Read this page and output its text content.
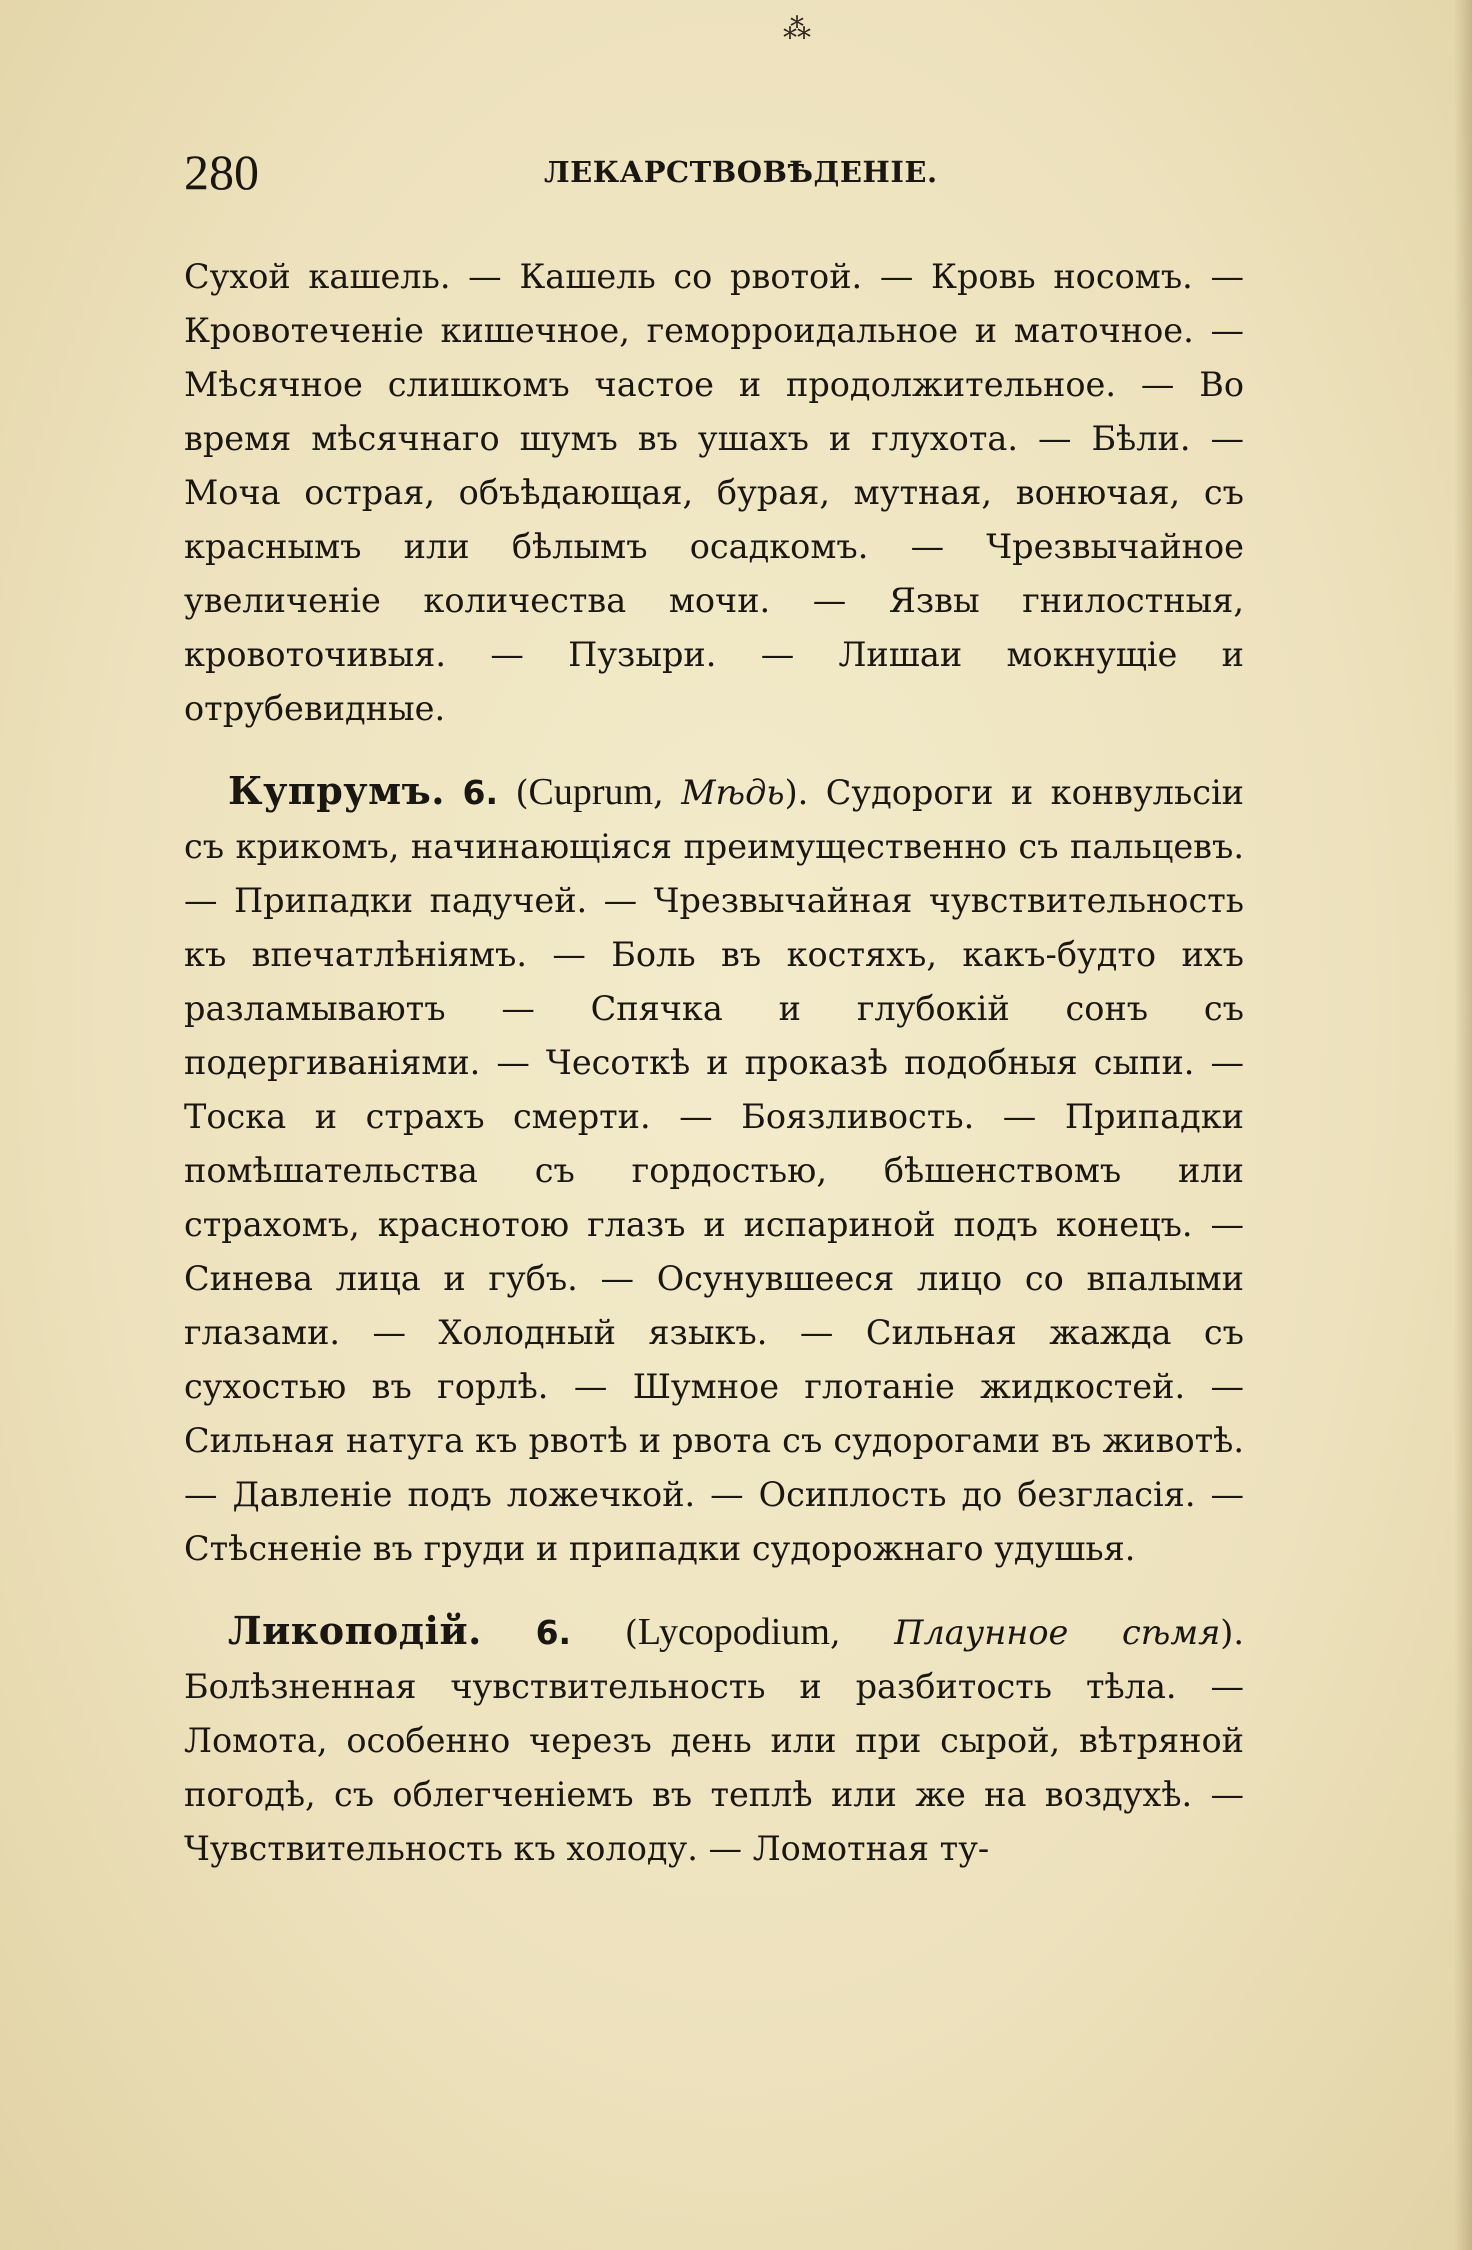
⁂
280	ЛЕКАРСТВОВѢДЕНІЕ.

Сухой кашель. — Кашель со рвотой. — Кровь носомъ. — Кровотеченіе кишечное, геморроидальное и маточное. — Мѣсячное слишкомъ частое и продолжительное. — Во время мѣсячнаго шумъ въ ушахъ и глухота. — Бѣли. — Моча острая, объѣдающая, бурая, мутная, вонючая, съ краснымъ или бѣлымъ осадкомъ. — Чрезвычайное увеличеніе количества мочи. — Язвы гнилостныя, кровоточивыя. — Пузыри. — Лишаи мокнущіе и отрубевидные.

Купрумъ. 6. (Cuprum, Мѣдь). Судороги и конвульсіи съ крикомъ, начинающіяся преимущественно съ пальцевъ. — Припадки падучей. — Чрезвычайная чувствительность къ впечатлѣніямъ. — Боль въ костяхъ, какъ-будто ихъ разламываютъ — Спячка и глубокій сонъ съ подергиваніями. — Чесоткѣ и проказѣ подобныя сыпи. — Тоска и страхъ смерти. — Боязливость. — Припадки помѣшательства съ гордостью, бѣшенствомъ или страхомъ, краснотою глазъ и испариной подъ конецъ. — Синева лица и губъ. — Осунувшееся лицо со впалыми глазами. — Холодный языкъ. — Сильная жажда съ сухостью въ горлѣ. — Шумное глотаніе жидкостей. — Сильная натуга къ рвотѣ и рвота съ судорогами въ животѣ. — Давленіе подъ ложечкой. — Осиплость до безгласія. — Стѣсненіе въ груди и припадки судорожнаго удушья.

Ликоподій. 6. (Lycopodium, Плаунное сѣмя). Болѣзненная чувствительность и разбитость тѣла. — Ломота, особенно черезъ день или при сырой, вѣтряной погодѣ, съ облегченіемъ въ теплѣ или же на воздухѣ. — Чувствительность къ холоду. — Ломотная ту-
